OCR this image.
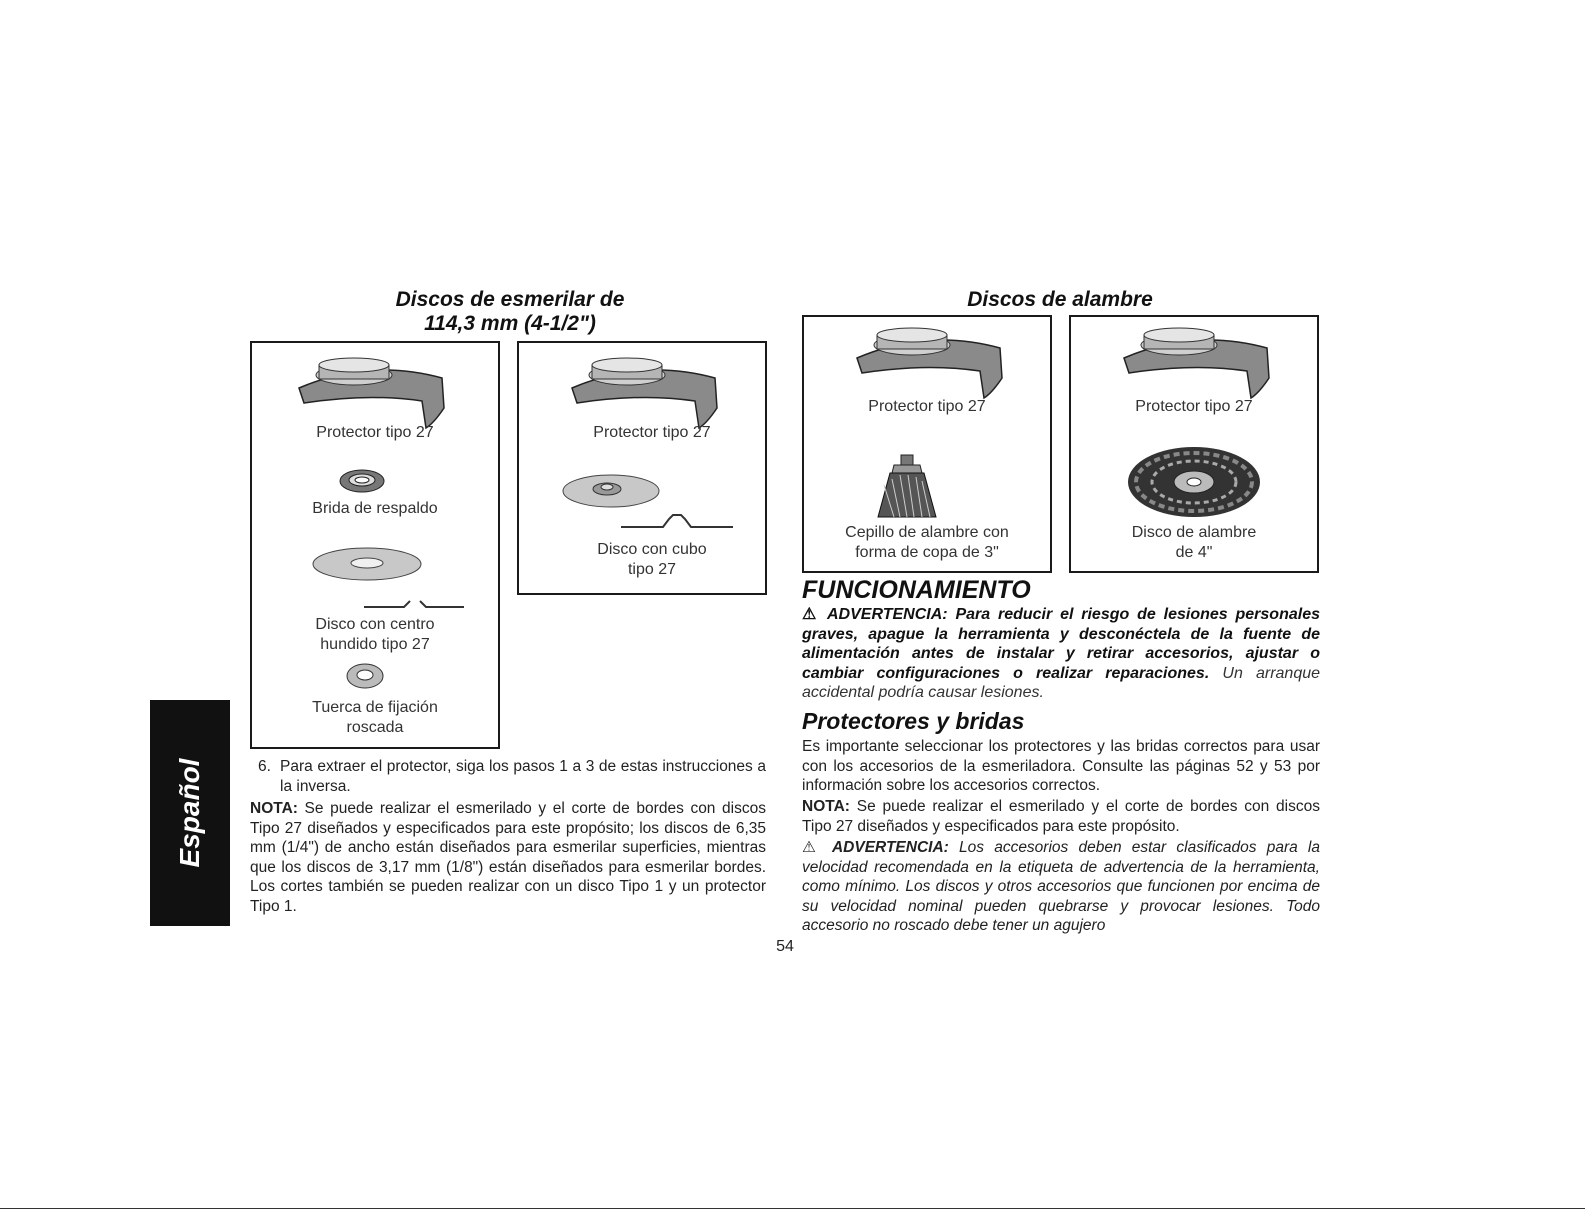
Español
Discos de esmerilar de
114,3 mm (4-1/2")
Protector tipo 27
Brida de respaldo
Disco con centro
hundido tipo 27
Tuerca de fijación
roscada
Protector tipo 27
Disco con cubo
tipo 27
6. Para extraer el protector, siga los pasos 1 a 3 de estas instrucciones a la inversa.
NOTA: Se puede realizar el esmerilado y el corte de bordes con discos Tipo 27 diseñados y especificados para este propósito; los discos de 6,35 mm (1/4") de ancho están diseñados para esmerilar superficies, mientras que los discos de 3,17 mm (1/8") están diseñados para esmerilar bordes. Los cortes también se pueden realizar con un disco Tipo 1 y un protector Tipo 1.
Discos de alambre
Protector tipo 27
Cepillo de alambre con
forma de copa de 3"
Protector tipo 27
Disco de alambre
de 4"
FUNCIONAMIENTO
⚠ ADVERTENCIA: Para reducir el riesgo de lesiones personales graves, apague la herramienta y desconéctela de la fuente de alimentación antes de instalar y retirar accesorios, ajustar o cambiar configuraciones o realizar reparaciones. Un arranque accidental podría causar lesiones.
Protectores y bridas
Es importante seleccionar los protectores y las bridas correctos para usar con los accesorios de la esmeriladora. Consulte las páginas 52 y 53 por información sobre los accesorios correctos.
NOTA: Se puede realizar el esmerilado y el corte de bordes con discos Tipo 27 diseñados y especificados para este propósito.
⚠ ADVERTENCIA: Los accesorios deben estar clasificados para la velocidad recomendada en la etiqueta de advertencia de la herramienta, como mínimo. Los discos y otros accesorios que funcionen por encima de su velocidad nominal pueden quebrarse y provocar lesiones. Todo accesorio no roscado debe tener un agujero
54
